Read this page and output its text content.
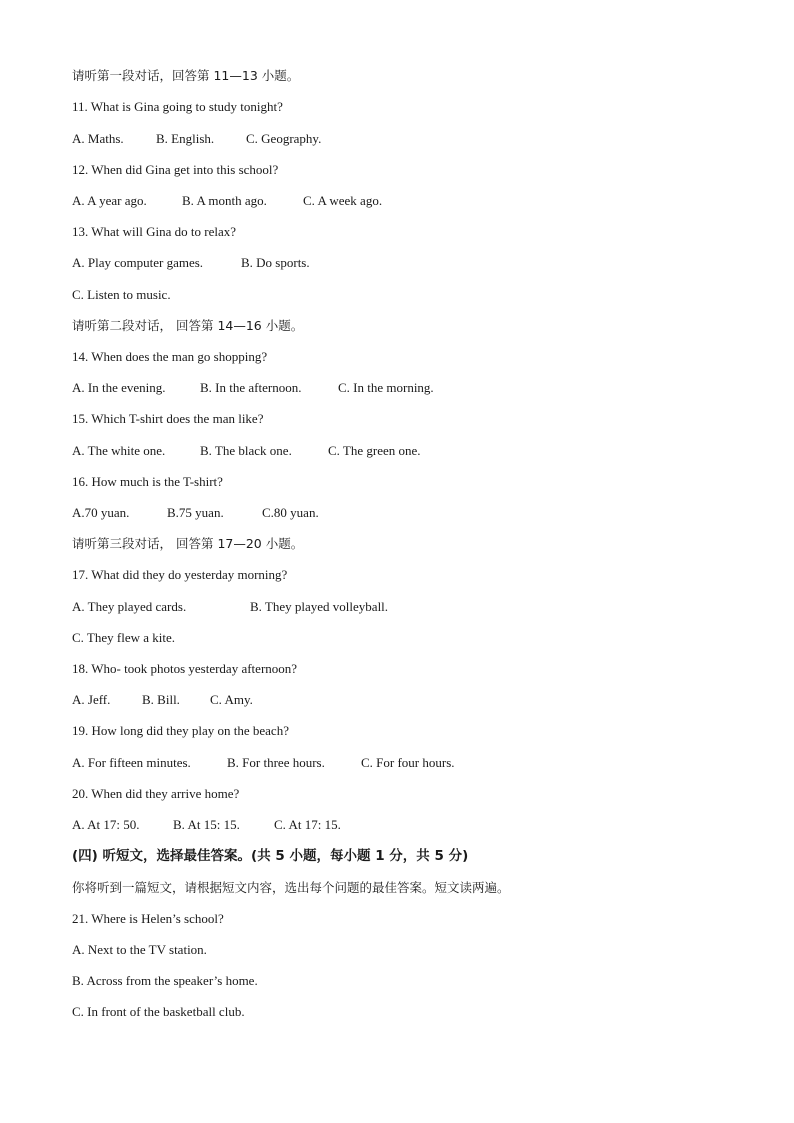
请听第一段对话，回答第 11—13 小题。
11. What is Gina going to study tonight?
A. Maths. B. English. C. Geography.
12. When did Gina get into this school?
A. A year ago.	B. A month ago.	C. A week ago.
13. What will Gina do to relax?
A. Play computer games.	B. Do sports.
C. Listen to music.
请听第二段对话， 回答第 14—16 小题。
14. When does the man go shopping?
A. In the evening.	B. In the afternoon.	C. In the morning.
15. Which T-shirt does the man like?
A. The white one.	B. The black one.	C. The green one.
16. How much is the T-shirt?
A.70 yuan.	B.75 yuan.	C.80 yuan.
请听第三段对话， 回答第 17—20 小题。
17. What did they do yesterday morning?
A. They played cards.	B. They played volleyball.
C. They flew a kite.
18. Who- took photos yesterday afternoon?
A. Jeff. B. Bill. C. Amy.
19. How long did they play on the beach?
A. For fifteen minutes.	B. For three hours.	C. For four hours.
20. When did they arrive home?
A. At 17: 50.	B. At 15: 15.	C. At 17: 15.
(四) 听短文，选择最佳答案。(共 5 小题，每小题 1 分，共 5 分)
你将听到一篇短文，请根据短文内容，选出每个问题的最佳答案。短文读两遍。
21. Where is Helen’s school?
A. Next to the TV station.
B. Across from the speaker’s home.
C. In front of the basketball club.
